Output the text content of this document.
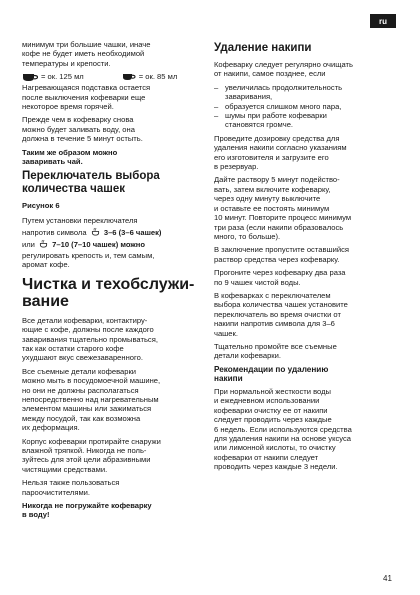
ru

минимум три большие чашки, иначе
кофе не будет иметь необходимой
температуры и крепости.

= ок. 125 мл	= ок. 85 мл

Нагревающаяся подставка остается
после выключения кофеварки еще
некоторое время горячей.

Прежде чем в кофеварку снова
можно будет заливать воду, она
должна в течение 5 минут остыть.

Таким же образом можно
заваривать чай.

Переключатель выбора
количества чашек

Рисунок 6

Путем установки переключателя

напротив символа 3–6 (3–6 чашек)

или 7–10 (7–10 чашек) можно

регулировать крепость и, тем самым,
аромат кофе.

Чистка и техобслужи-
вание

Все детали кофеварки, контактиру-
ющие с кофе, должны после каждого
заваривания тщательно промываться,
так как остатки старого кофе
ухудшают вкус свежезаваренного.

Все съемные детали кофеварки
можно мыть в посудомоечной машине,
но они не должны располагаться
непосредственно над нагревательным
элементом машины или зажиматься
между посудой, так как возможна
их деформация.

Корпус кофеварки протирайте снаружи
влажной тряпкой. Никогда не поль-
зуйтесь для этой цели абразивными
чистящими средствами.

Нельзя также пользоваться
пароочистителями.

Никогда не погружайте кофеварку
в воду!

Удаление накипи

Кофеварку следует регулярно очищать
от накипи, самое позднее, если

– увеличилась продолжительность
заваривания,
– образуется слишком много пара,
– шумы при работе кофеварки
становятся громче.

Проведите дозировку средства для
удаления накипи согласно указаниям
его изготовителя и загрузите его
в резервуар.

Дайте раствору 5 минут подейство-
вать, затем включите кофеварку,
через одну минуту выключите
и оставьте ее постоять минимум
10 минут. Повторите процесс минимум
три раза (если накипи образовалось
много, то больше).

В заключение пропустите оставшийся
раствор средства через кофеварку.

Прогоните через кофеварку два раза
по 9 чашек чистой воды.

В кофеварках с переключателем
выбора количества чашек установите
переключатель во время очистки от
накипи напротив символа для 3–6
чашек.

Тщательно промойте все съемные
детали кофеварки.

Рекомендации по удалению
накипи

При нормальной жесткости воды
и ежедневном использовании
кофеварки очистку ее от накипи
следует проводить через каждые
6 недель. Если используются средства
для удаления накипи на основе уксуса
или лимонной кислоты, то очистку
кофеварки от накипи следует
проводить через каждые 3 недели.

41
